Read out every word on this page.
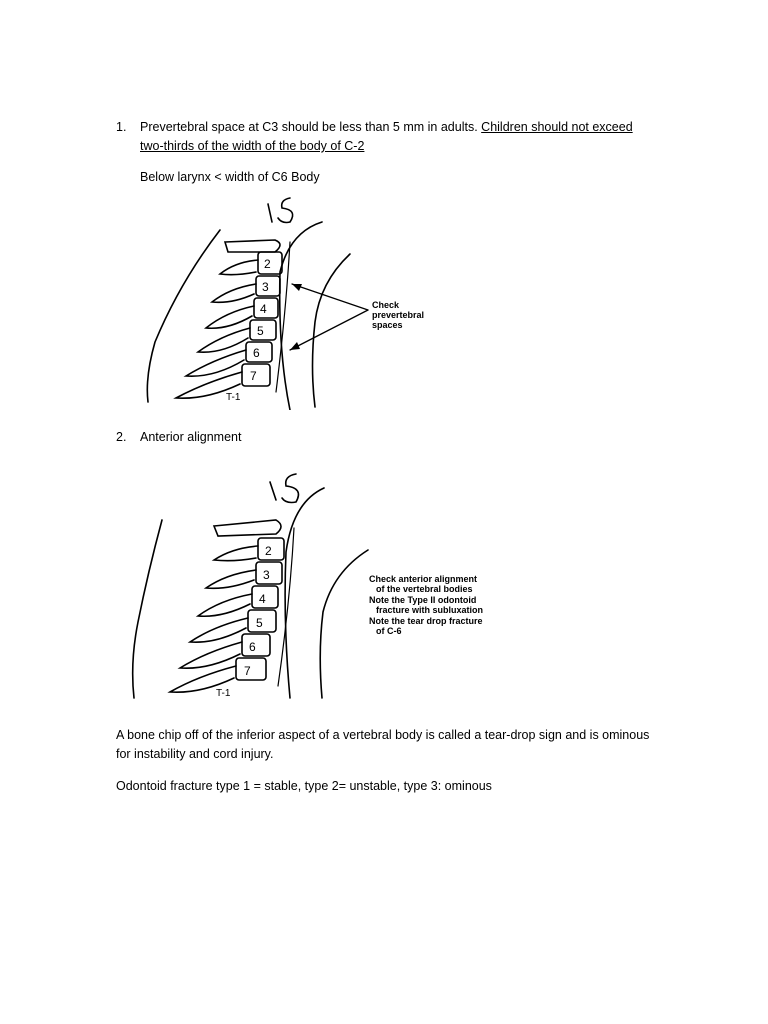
1. Prevertebral space at C3 should be less than 5 mm in adults. Children should not exceed
two-thirds of the width of the body of C-2
Below larynx < width of C6 Body
2
3
4
5
6
7
T-1
Check
prevertebral
spaces
2. Anterior alignment
2
3
4
5
6
7
T-1
Check anterior alignment
of the vertebral bodies
Note the Type II odontoid
fracture with subluxation
Note the tear drop fracture
of C-6
A bone chip off of the inferior aspect of a vertebral body is called a tear-drop sign and is ominous
for instability and cord injury.
Odontoid fracture type 1 = stable, type 2= unstable, type 3: ominous
